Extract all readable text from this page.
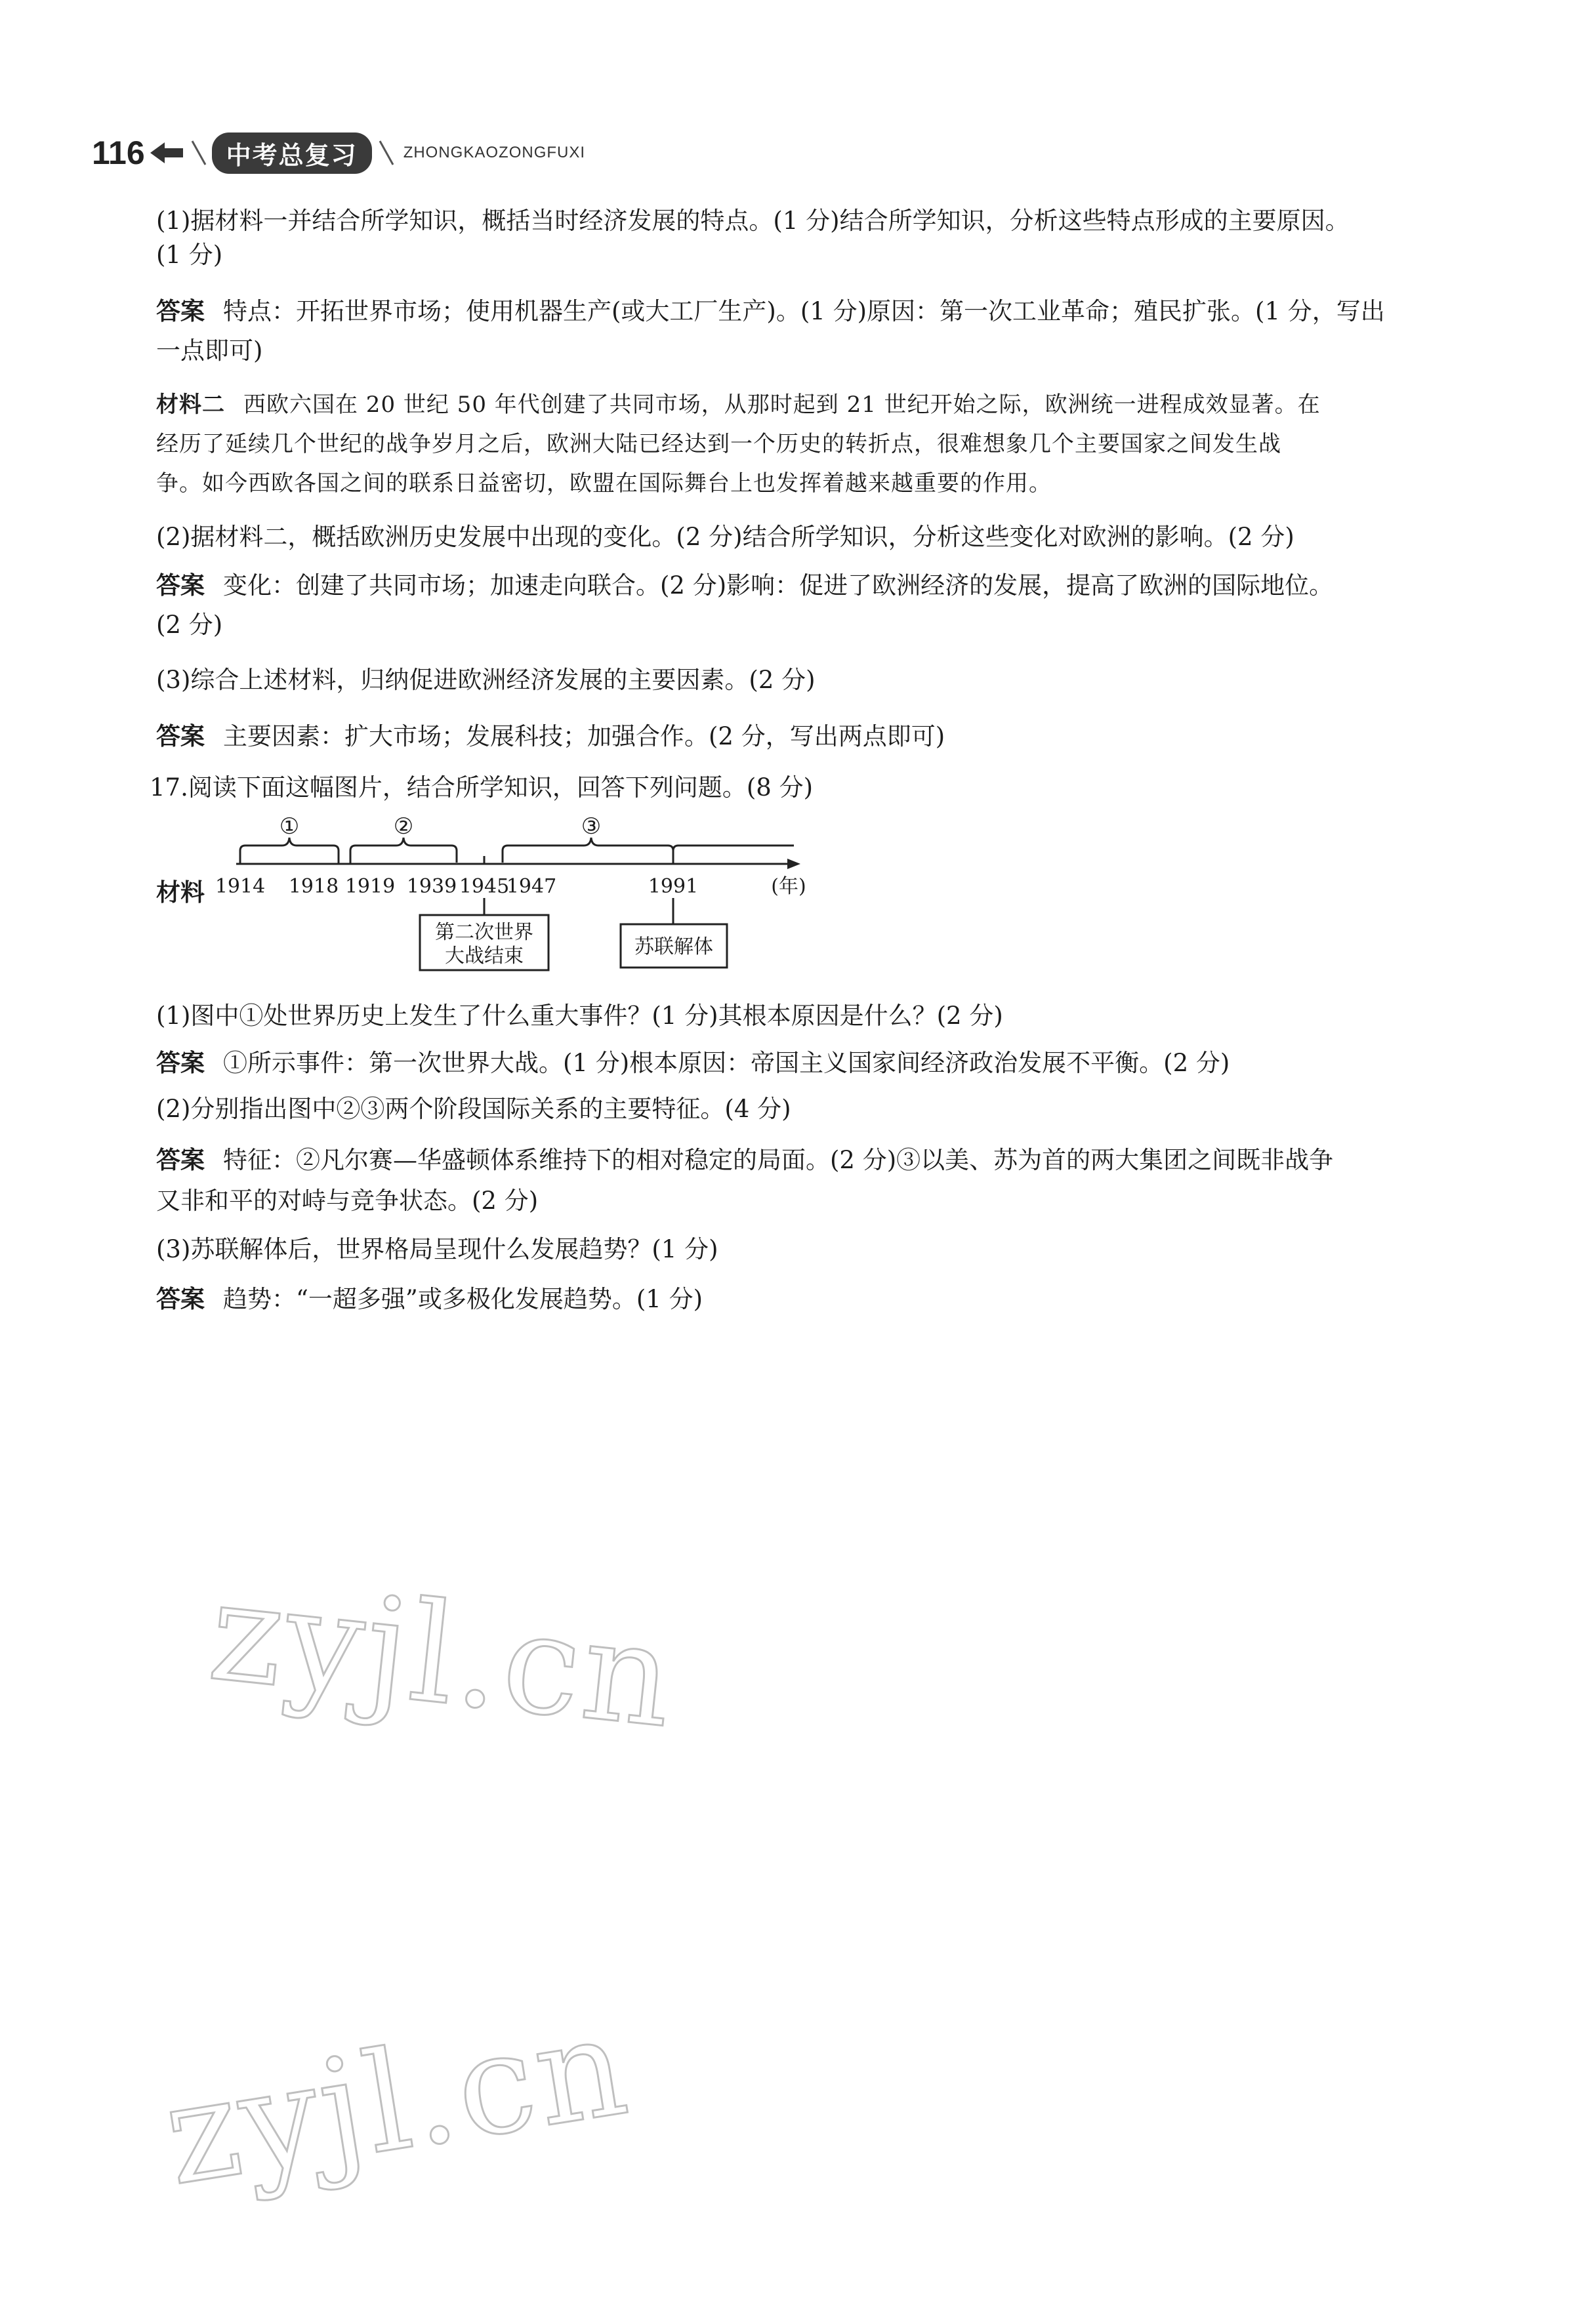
116	中考总复习	ZHONGKAOZONGFUXI
(1)据材料一并结合所学知识，概括当时经济发展的特点。(1 分)结合所学知识，分析这些特点形成的主要原因。
(1 分)
答案 特点：开拓世界市场；使用机器生产(或大工厂生产)。(1 分)原因：第一次工业革命；殖民扩张。(1 分，写出
一点即可)
材料二 西欧六国在 20 世纪 50 年代创建了共同市场，从那时起到 21 世纪开始之际，欧洲统一进程成效显著。在
经历了延续几个世纪的战争岁月之后，欧洲大陆已经达到一个历史的转折点，很难想象几个主要国家之间发生战
争。如今西欧各国之间的联系日益密切，欧盟在国际舞台上也发挥着越来越重要的作用。
(2)据材料二，概括欧洲历史发展中出现的变化。(2 分)结合所学知识，分析这些变化对欧洲的影响。(2 分)
答案 变化：创建了共同市场；加速走向联合。(2 分)影响：促进了欧洲经济的发展，提高了欧洲的国际地位。
(2 分)
(3)综合上述材料，归纳促进欧洲经济发展的主要因素。(2 分)
答案 主要因素：扩大市场；发展科技；加强合作。(2 分，写出两点即可)
17.阅读下面这幅图片，结合所学知识，回答下列问题。(8 分)
材料
①	②	③
1914 1918 1919 1939 1945
1947	1991	(年)
第二次世界
大战结束	苏联解体
(1)图中①处世界历史上发生了什么重大事件？(1 分)其根本原因是什么？(2 分)
答案 ①所示事件：第一次世界大战。(1 分)根本原因：帝国主义国家间经济政治发展不平衡。(2 分)
(2)分别指出图中②③两个阶段国际关系的主要特征。(4 分)
答案 特征：②凡尔赛—华盛顿体系维持下的相对稳定的局面。(2 分)③以美、苏为首的两大集团之间既非战争
又非和平的对峙与竞争状态。(2 分)
(3)苏联解体后，世界格局呈现什么发展趋势？(1 分)
答案 趋势：“一超多强”或多极化发展趋势。(1 分)
zyjl.cn
zyjl.cn
